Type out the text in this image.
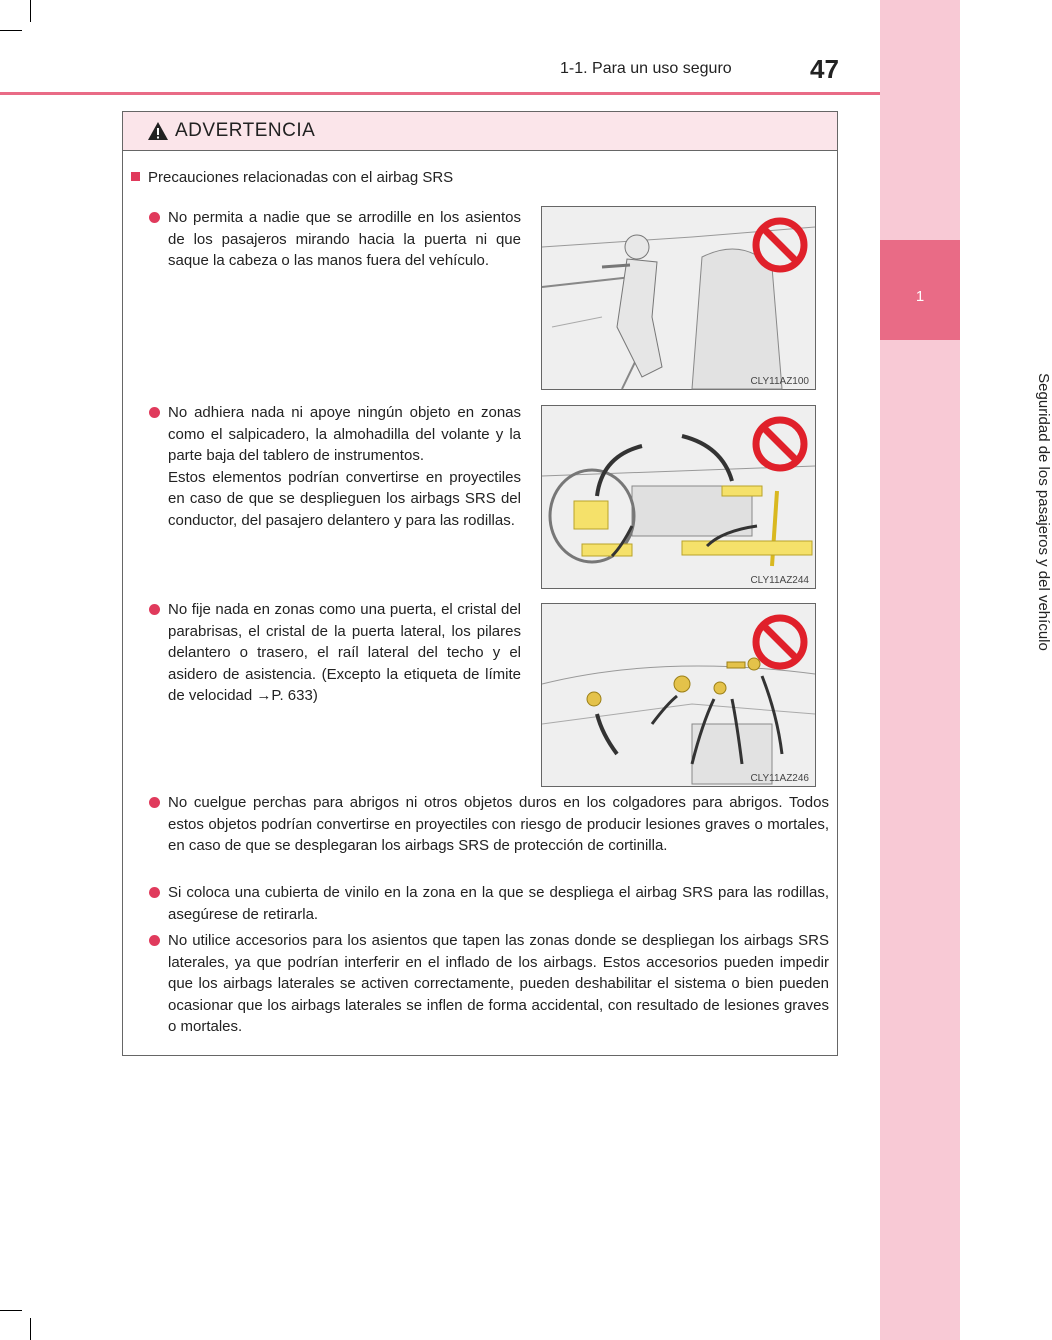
1
Seguridad de los pasajeros y del vehículo
1-1. Para un uso seguro	47
ADVERTENCIA
Precauciones relacionadas con el airbag SRS
No permita a nadie que se arrodille en los asientos de los pasajeros mirando hacia la puerta ni que saque la cabeza o las manos fuera del vehículo.
CLY11AZ100
No adhiera nada ni apoye ningún objeto en zonas como el salpicadero, la almohadilla del volante y la parte baja del tablero de instrumentos.
Estos elementos podrían convertirse en proyectiles en caso de que se desplieguen los airbags SRS del conductor, del pasajero delantero y para las rodillas.
CLY11AZ244
No fije nada en zonas como una puerta, el cristal del parabrisas, el cristal de la puerta lateral, los pilares delantero o trasero, el raíl lateral del techo y el asidero de asistencia. (Excepto la etiqueta de límite de velocidad →P. 633)
CLY11AZ246
No cuelgue perchas para abrigos ni otros objetos duros en los colgadores para abrigos. Todos estos objetos podrían convertirse en proyectiles con riesgo de producir lesiones graves o mortales, en caso de que se desplegaran los airbags SRS de protección de cortinilla.
Si coloca una cubierta de vinilo en la zona en la que se despliega el airbag SRS para las rodillas, asegúrese de retirarla.
No utilice accesorios para los asientos que tapen las zonas donde se despliegan los airbags SRS laterales, ya que podrían interferir en el inflado de los airbags. Estos accesorios pueden impedir que los airbags laterales se activen correctamente, pueden deshabilitar el sistema o bien pueden ocasionar que los airbags laterales se inflen de forma accidental, con resultado de lesiones graves o mortales.
